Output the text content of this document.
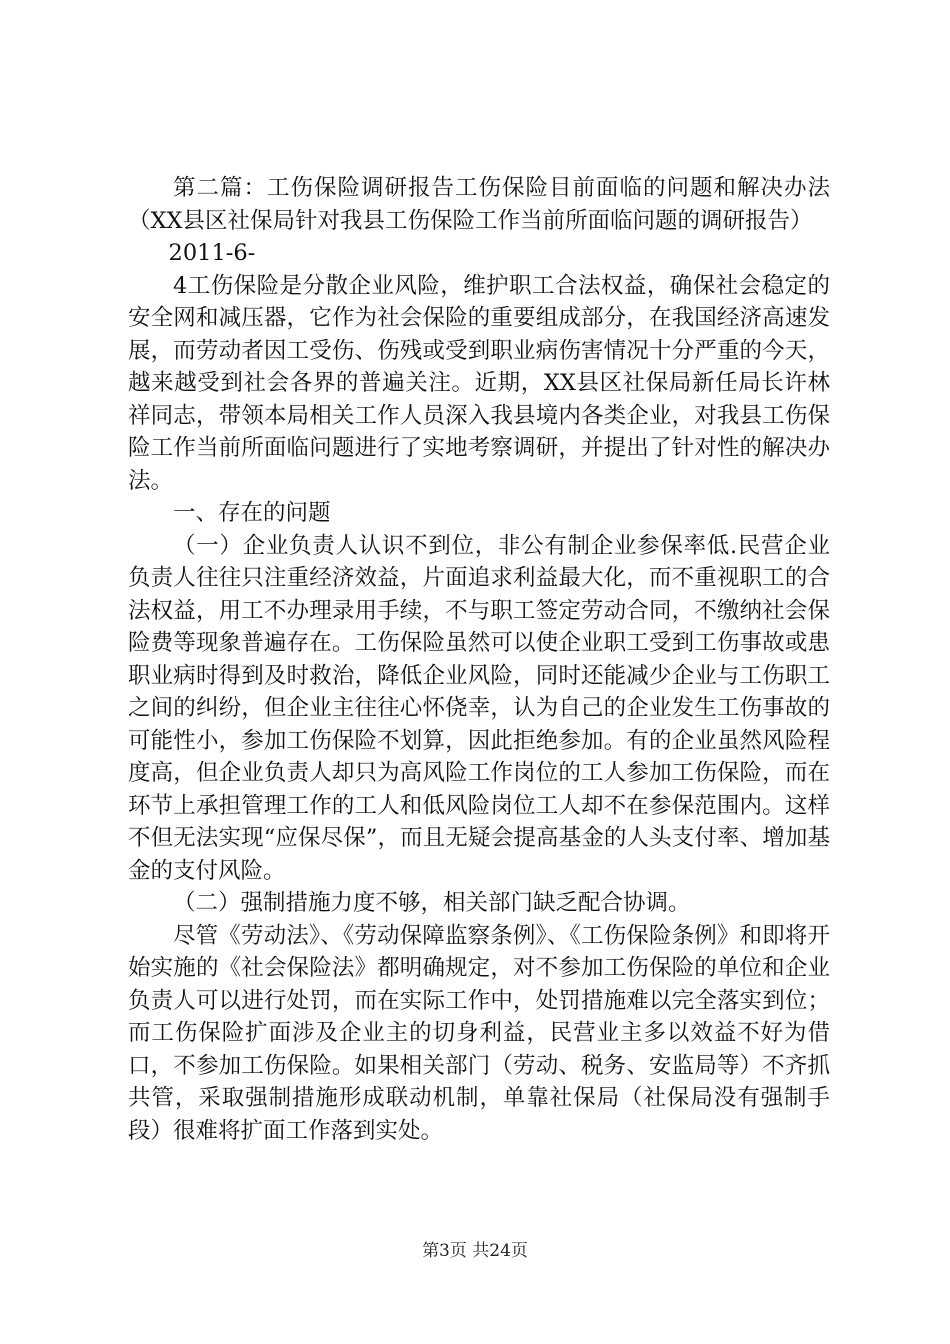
第二篇：工伤保险调研报告工伤保险目前面临的问题和解决办法（XX县区社保局针对我县工伤保险工作当前所面临问题的调研报告）

2011-6-

4工伤保险是分散企业风险，维护职工合法权益，确保社会稳定的安全网和减压器，它作为社会保险的重要组成部分，在我国经济高速发展，而劳动者因工受伤、伤残或受到职业病伤害情况十分严重的今天，越来越受到社会各界的普遍关注。近期，XX县区社保局新任局长许林祥同志，带领本局相关工作人员深入我县境内各类企业，对我县工伤保险工作当前所面临问题进行了实地考察调研，并提出了针对性的解决办法。

一、存在的问题

（一）企业负责人认识不到位，非公有制企业参保率低.民营企业负责人往往只注重经济效益，片面追求利益最大化，而不重视职工的合法权益，用工不办理录用手续，不与职工签定劳动合同，不缴纳社会保险费等现象普遍存在。工伤保险虽然可以使企业职工受到工伤事故或患职业病时得到及时救治，降低企业风险，同时还能减少企业与工伤职工之间的纠纷，但企业主往往心怀侥幸，认为自己的企业发生工伤事故的可能性小，参加工伤保险不划算，因此拒绝参加。有的企业虽然风险程度高，但企业负责人却只为高风险工作岗位的工人参加工伤保险，而在环节上承担管理工作的工人和低风险岗位工人却不在参保范围内。这样不但无法实现“应保尽保”，而且无疑会提高基金的人头支付率、增加基金的支付风险。

（二）强制措施力度不够，相关部门缺乏配合协调。

尽管《劳动法》、《劳动保障监察条例》、《工伤保险条例》和即将开始实施的《社会保险法》都明确规定，对不参加工伤保险的单位和企业负责人可以进行处罚，而在实际工作中，处罚措施难以完全落实到位；而工伤保险扩面涉及企业主的切身利益，民营业主多以效益不好为借口，不参加工伤保险。如果相关部门（劳动、税务、安监局等）不齐抓共管，采取强制措施形成联动机制，单靠社保局（社保局没有强制手段）很难将扩面工作落到实处。

第3页 共24页
